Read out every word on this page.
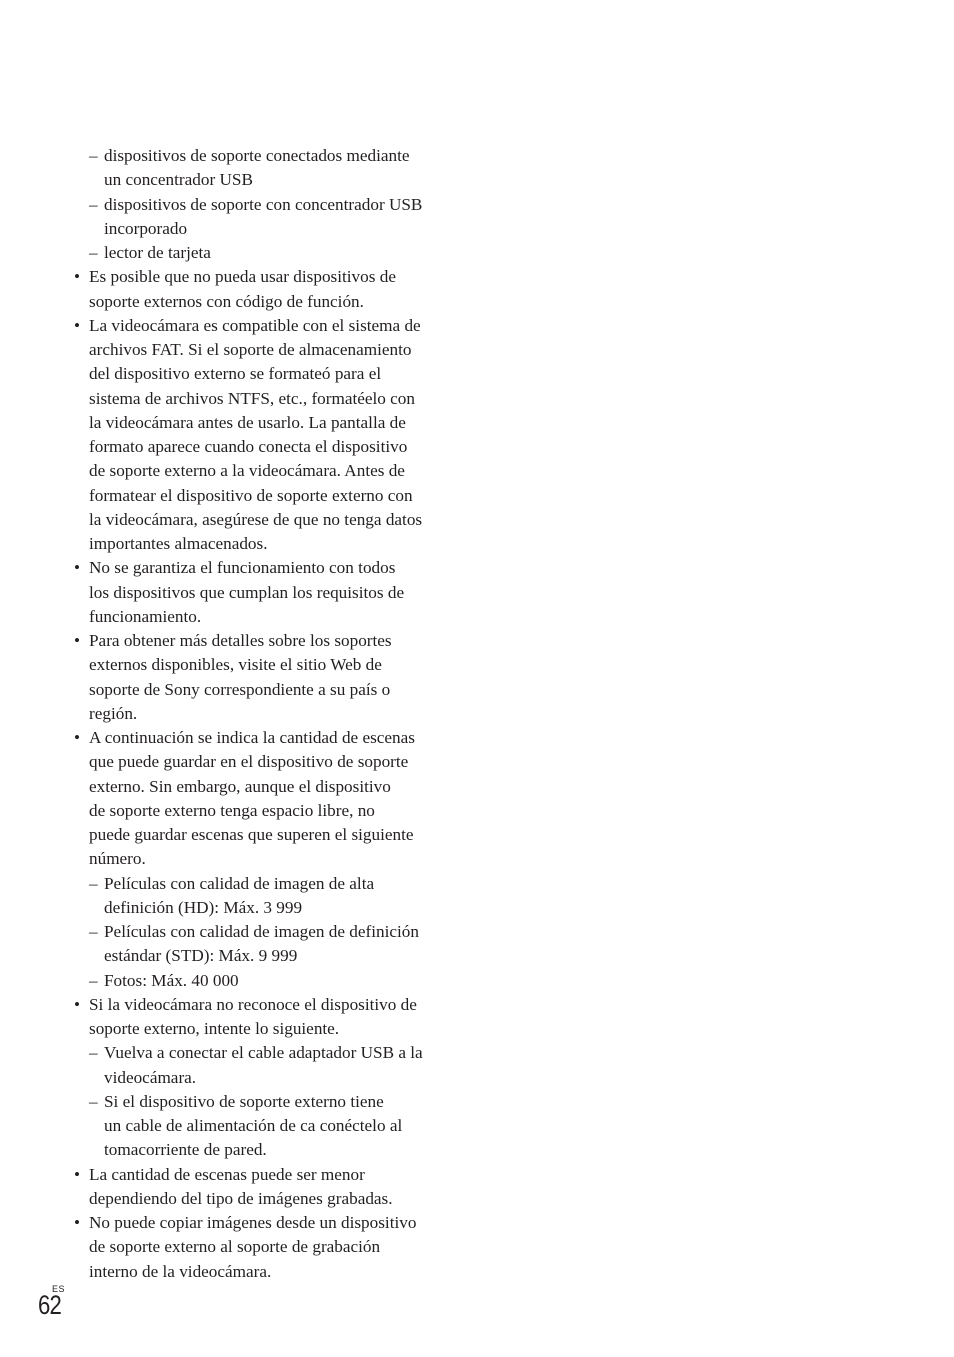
– dispositivos de soporte conectados mediante
un concentrador USB
– dispositivos de soporte con concentrador USB
incorporado
– lector de tarjeta
• Es posible que no pueda usar dispositivos de
soporte externos con código de función.
• La videocámara es compatible con el sistema de
archivos FAT. Si el soporte de almacenamiento
del dispositivo externo se formateó para el
sistema de archivos NTFS, etc., formatéelo con
la videocámara antes de usarlo. La pantalla de
formato aparece cuando conecta el dispositivo
de soporte externo a la videocámara. Antes de
formatear el dispositivo de soporte externo con
la videocámara, asegúrese de que no tenga datos
importantes almacenados.
• No se garantiza el funcionamiento con todos
los dispositivos que cumplan los requisitos de
funcionamiento.
• Para obtener más detalles sobre los soportes
externos disponibles, visite el sitio Web de
soporte de Sony correspondiente a su país o
región.
• A continuación se indica la cantidad de escenas
que puede guardar en el dispositivo de soporte
externo. Sin embargo, aunque el dispositivo
de soporte externo tenga espacio libre, no
puede guardar escenas que superen el siguiente
número.
– Películas con calidad de imagen de alta
definición (HD): Máx. 3 999
– Películas con calidad de imagen de definición
estándar (STD): Máx. 9 999
– Fotos: Máx. 40 000
• Si la videocámara no reconoce el dispositivo de
soporte externo, intente lo siguiente.
– Vuelva a conectar el cable adaptador USB a la
videocámara.
– Si el dispositivo de soporte externo tiene
un cable de alimentación de ca conéctelo al
tomacorriente de pared.
• La cantidad de escenas puede ser menor
dependiendo del tipo de imágenes grabadas.
• No puede copiar imágenes desde un dispositivo
de soporte externo al soporte de grabación
interno de la videocámara.
ES
62
